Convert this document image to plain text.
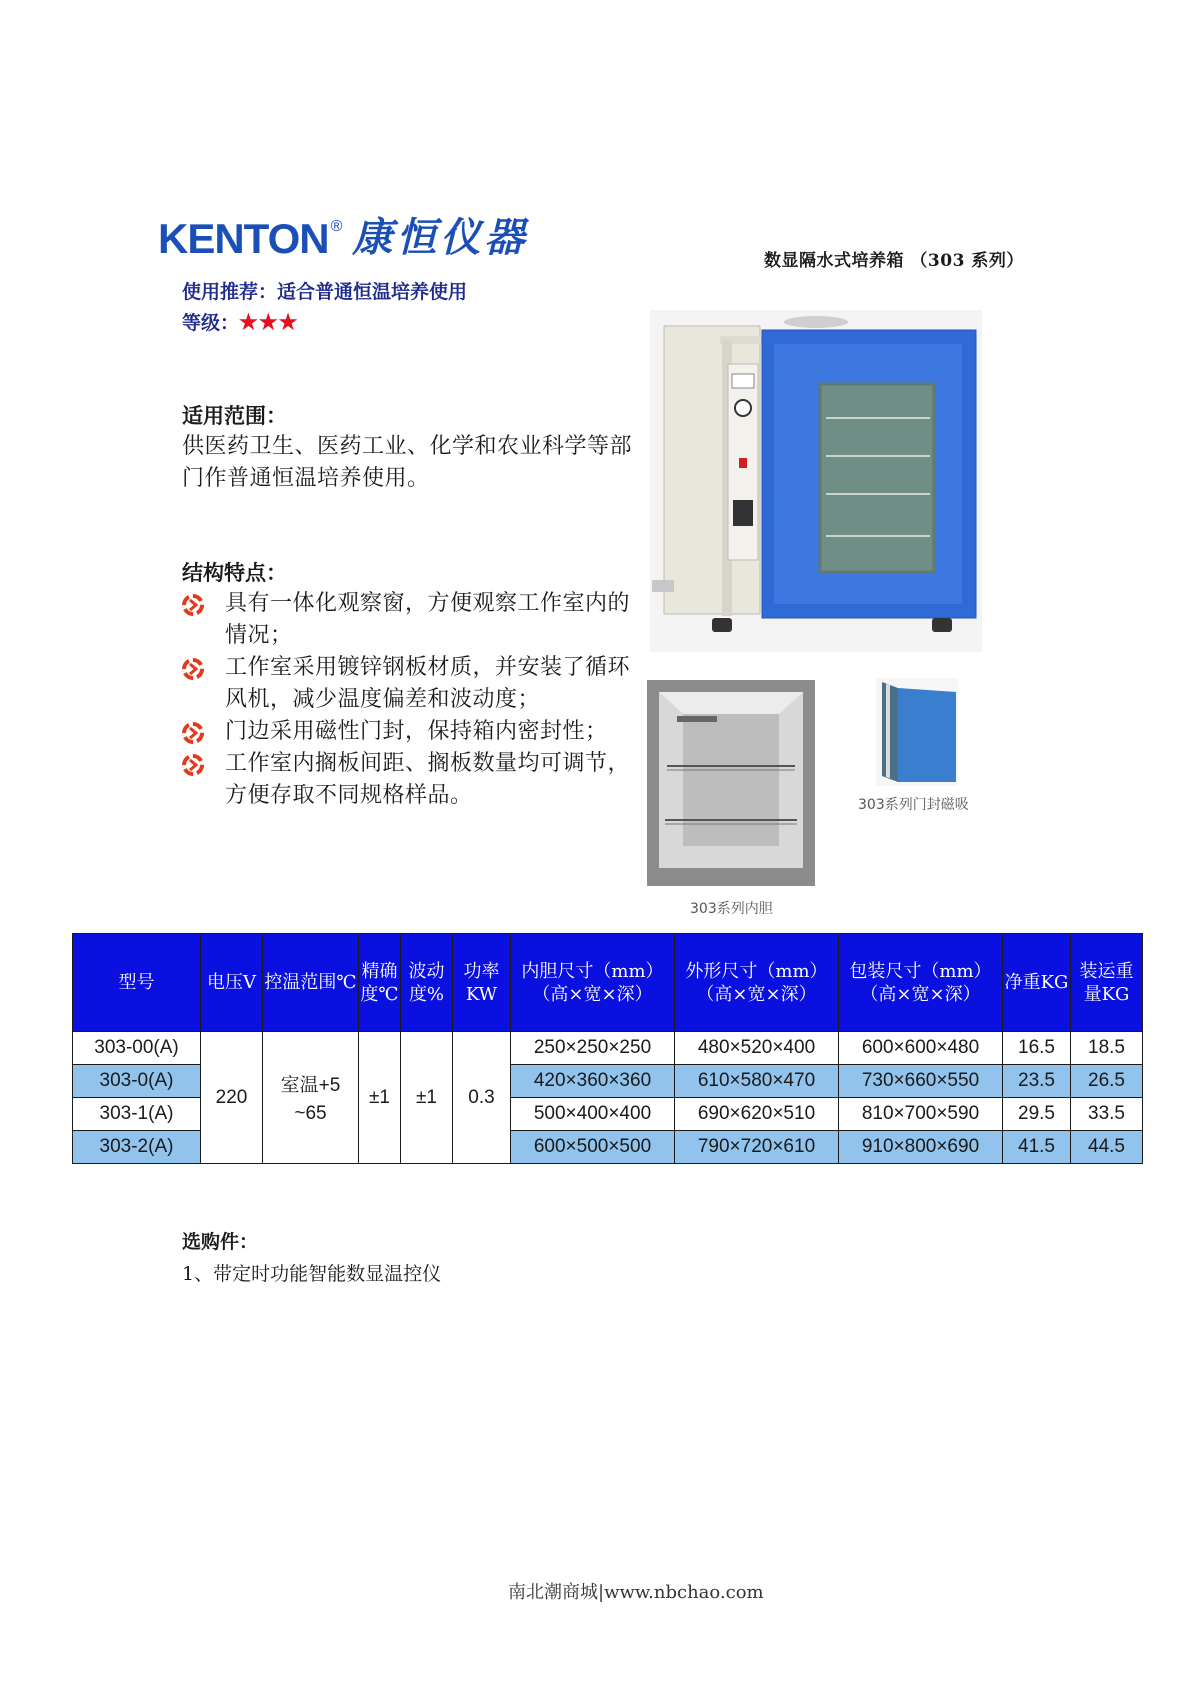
KENTON ® 康恒仪器	数显隔水式培养箱 （303 系列）
使用推荐：适合普通恒温培养使用
等级：★★★
适用范围：
供医药卫生、医药工业、化学和农业科学等部门作普通恒温培养使用。
结构特点：
具有一体化观察窗，方便观察工作室内的情况；
工作室采用镀锌钢板材质，并安装了循环风机，减少温度偏差和波动度；
门边采用磁性门封，保持箱内密封性；
工作室内搁板间距、搁板数量均可调节，方便存取不同规格样品。	303系列门封磁吸
303系列内胆
型号	电压V	控温范围℃	精确度℃	波动度%	功率KW	内胆尺寸（mm）（高×宽×深）	外形尺寸（mm）（高×宽×深）	包装尺寸（mm）（高×宽×深）	净重KG	装运重量KG
303-00(A)	220	室温+5
~65	±1	±1	0.3	250×250×250	480×520×400	600×600×480	16.5	18.5
303-0(A)						420×360×360	610×580×470	730×660×550	23.5	26.5
303-1(A)						500×400×400	690×620×510	810×700×590	29.5	33.5
303-2(A)						600×500×500	790×720×610	910×800×690	41.5	44.5
选购件：
1、带定时功能智能数显温控仪
南北潮商城|www.nbchao.com
